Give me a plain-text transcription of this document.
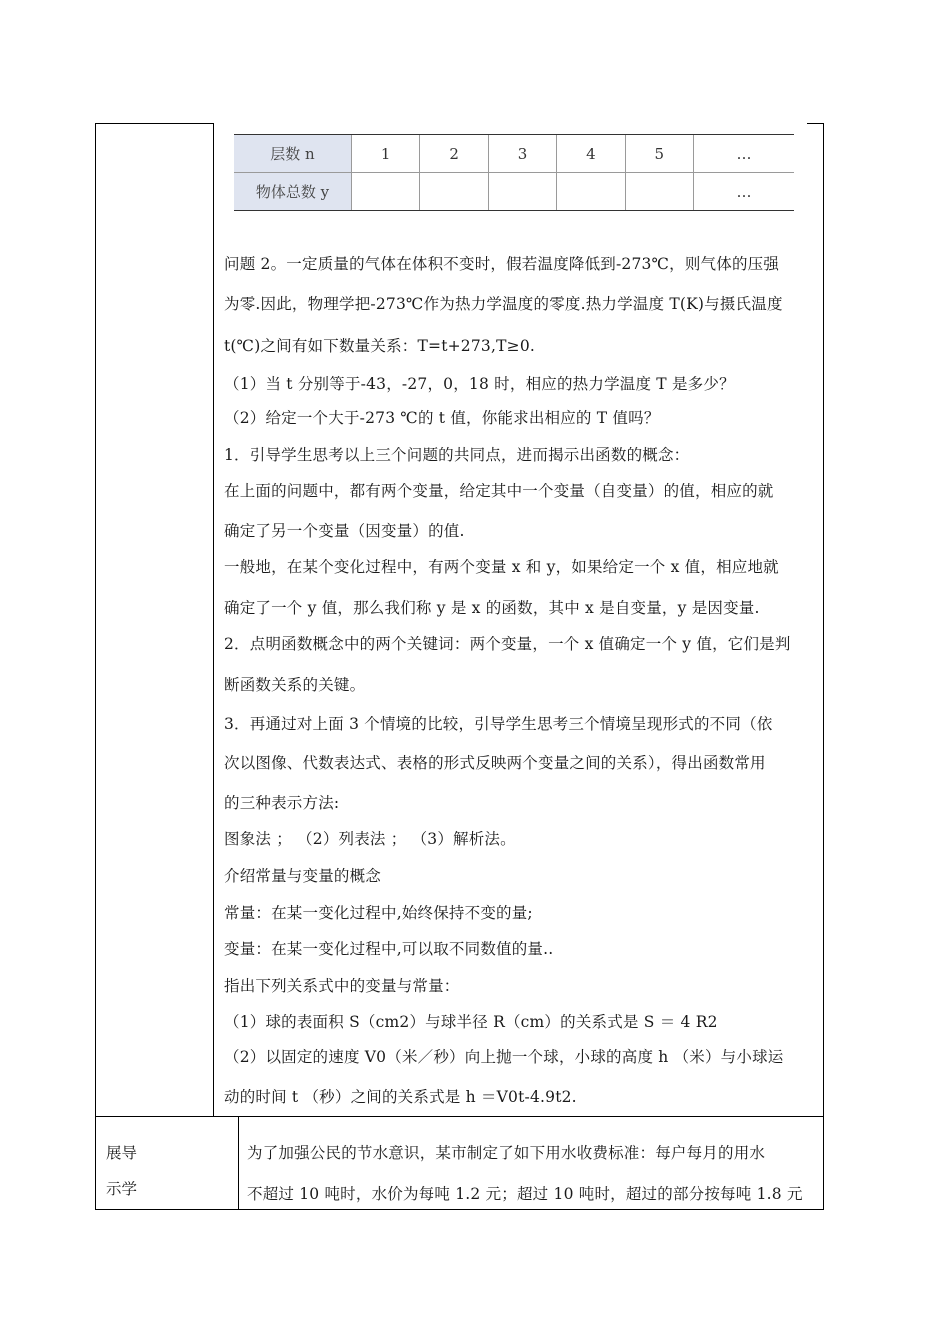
层数 n	1	2	3	4	5	…
物体总数 y						…
问题 2。一定质量的气体在体积不变时，假若温度降低到-273℃，则气体的压强
为零.因此，物理学把-273℃作为热力学温度的零度.热力学温度 T(K)与摄氏温度
t(℃)之间有如下数量关系：T=t+273,T≥0.
（1）当 t 分别等于-43，-27，0，18 时，相应的热力学温度 T 是多少？
（2）给定一个大于-273 ℃的 t 值，你能求出相应的 T 值吗？
1．引导学生思考以上三个问题的共同点，进而揭示出函数的概念：
在上面的问题中，都有两个变量，给定其中一个变量（自变量）的值，相应的就
确定了另一个变量（因变量）的值.
一般地，在某个变化过程中，有两个变量 x 和 y，如果给定一个 x 值，相应地就
确定了一个 y 值，那么我们称 y 是 x 的函数，其中 x 是自变量，y 是因变量.
2．点明函数概念中的两个关键词：两个变量，一个 x 值确定一个 y 值，它们是判
断函数关系的关键。
3．再通过对上面 3 个情境的比较，引导学生思考三个情境呈现形式的不同（依
次以图像、代数表达式、表格的形式反映两个变量之间的关系），得出函数常用
的三种表示方法:
图象法 ； （2）列表法 ； （3）解析法。
介绍常量与变量的概念
常量：在某一变化过程中,始终保持不变的量;
变量：在某一变化过程中,可以取不同数值的量..
指出下列关系式中的变量与常量：
（1）球的表面积 S（cm2）与球半径 R（cm）的关系式是 S ＝ 4 R2
（2）以固定的速度 V0（米／秒）向上抛一个球，小球的高度 h （米）与小球运
动的时间 t （秒）之间的关系式是 h ＝V0t-4.9t2.
展导
示学
为了加强公民的节水意识，某市制定了如下用水收费标准：每户每月的用水
不超过 10 吨时，水价为每吨 1.2 元；超过 10 吨时，超过的部分按每吨 1.8 元
